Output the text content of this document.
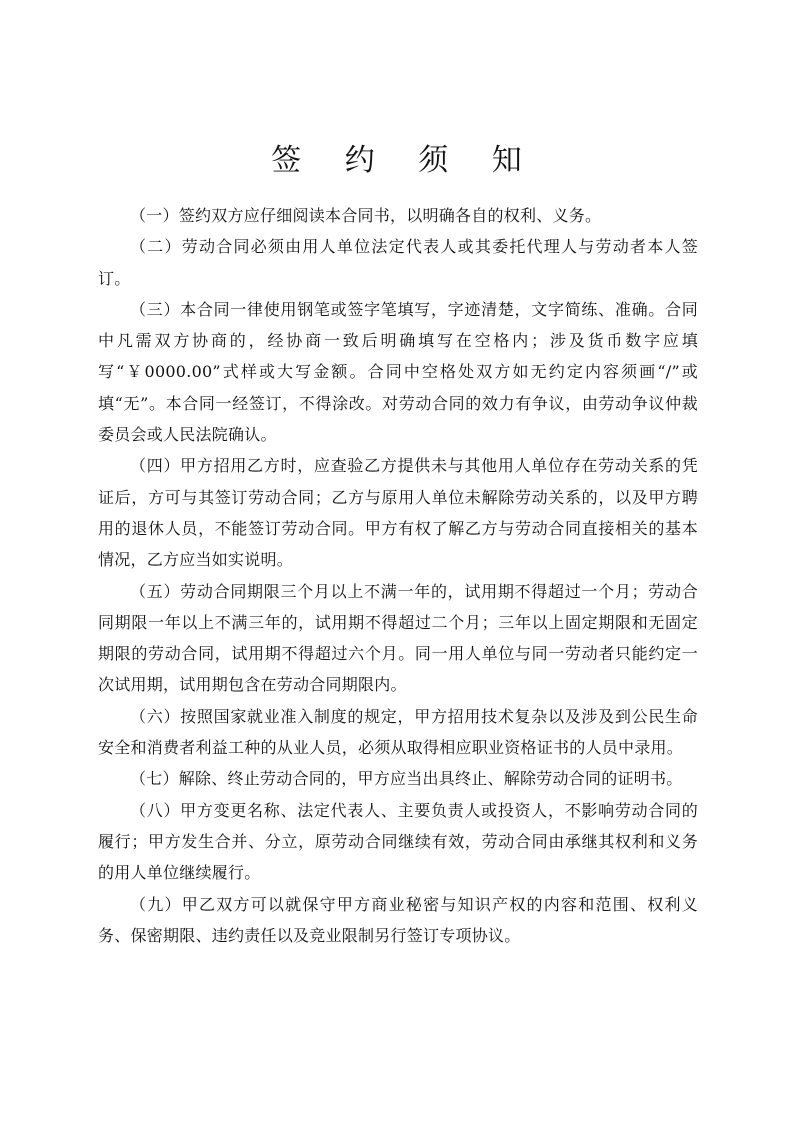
签 约 须 知

（一）签约双方应仔细阅读本合同书，以明确各自的权利、义务。

（二）劳动合同必须由用人单位法定代表人或其委托代理人与劳动者本人签订。

（三）本合同一律使用钢笔或签字笔填写，字迹清楚，文字简练、准确。合同中凡需双方协商的，经协商一致后明确填写在空格内；涉及货币数字应填写“￥0000.00”式样或大写金额。合同中空格处双方如无约定内容须画“/”或填“无”。本合同一经签订，不得涂改。对劳动合同的效力有争议，由劳动争议仲裁委员会或人民法院确认。

（四）甲方招用乙方时，应查验乙方提供未与其他用人单位存在劳动关系的凭证后，方可与其签订劳动合同；乙方与原用人单位未解除劳动关系的，以及甲方聘用的退休人员，不能签订劳动合同。甲方有权了解乙方与劳动合同直接相关的基本情况，乙方应当如实说明。

（五）劳动合同期限三个月以上不满一年的，试用期不得超过一个月；劳动合同期限一年以上不满三年的，试用期不得超过二个月；三年以上固定期限和无固定期限的劳动合同，试用期不得超过六个月。同一用人单位与同一劳动者只能约定一次试用期，试用期包含在劳动合同期限内。

（六）按照国家就业准入制度的规定，甲方招用技术复杂以及涉及到公民生命安全和消费者利益工种的从业人员，必须从取得相应职业资格证书的人员中录用。

（七）解除、终止劳动合同的，甲方应当出具终止、解除劳动合同的证明书。

（八）甲方变更名称、法定代表人、主要负责人或投资人，不影响劳动合同的履行；甲方发生合并、分立，原劳动合同继续有效，劳动合同由承继其权利和义务的用人单位继续履行。

（九）甲乙双方可以就保守甲方商业秘密与知识产权的内容和范围、权利义务、保密期限、违约责任以及竞业限制另行签订专项协议。
